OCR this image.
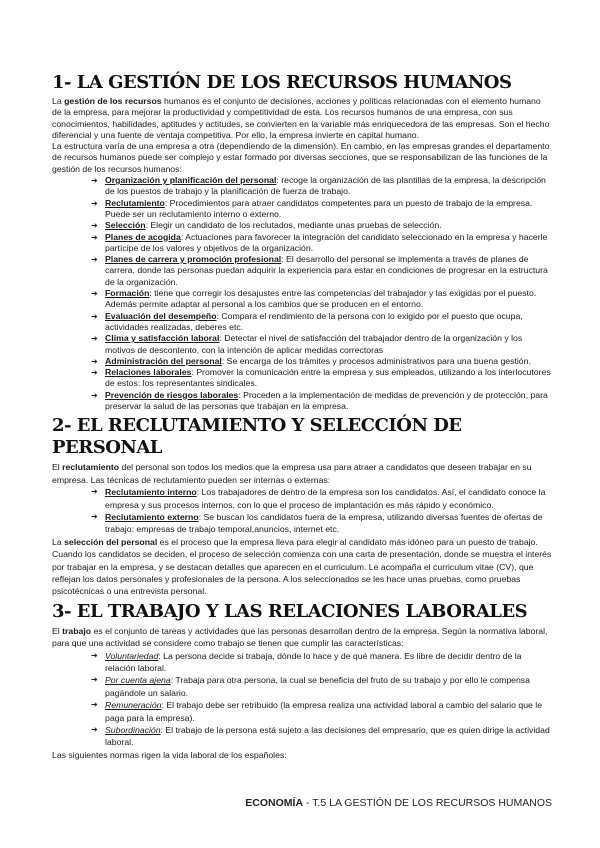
1- LA GESTIÓN DE LOS RECURSOS HUMANOS

La gestión de los recursos humanos es el conjunto de decisiones, acciones y políticas relacionadas con el elemento humano de la empresa, para mejorar la productividad y competitividad de esta. Los recursos humanos de una empresa, con sus conocimientos, habilidades, aptitudes y actitudes, se convierten en la variable más enriquecedora de las empresas. Son el hecho diferencial y una fuente de ventaja competitiva. Por ello, la empresa invierte en capital humano.

La estructura varía de una empresa a otra (dependiendo de la dimensión). En cambio, en las empresas grandes el departamento de recursos humanos puede ser complejo y estar formado por diversas secciones, que se responsabilizan de las funciones de la gestión de los recursos humanos:

➔ Organización y planificación del personal: recoge la organización de las plantillas de la empresa, la descripción de los puestos de trabajo y la planificación de fuerza de trabajo.
➔ Reclutamiento: Procedimientos para atraer candidatos competentes para un puesto de trabajo de la empresa. Puede ser un reclutamiento interno o externo.
➔ Selección: Elegir un candidato de los reclutados, mediante unas pruebas de selección.
➔ Planes de acogida: Actuaciones para favorecer la integración del candidato seleccionado en la empresa y hacerle partícipe de los valores y objetivos de la organización.
➔ Planes de carrera y promoción profesional: El desarrollo del personal se implementa a través de planes de carrera, donde las personas puedan adquirir la experiencia para estar en condiciones de progresar en la estructura de la organización.
➔ Formación: tiene que corregir los desajustes entre las competencias del trabajador y las exigidas por el puesto. Además permite adaptar al personal a los cambios que se producen en el entorno.
➔ Evaluación del desempeño: Compara el rendimiento de la persona con lo exigido por el puesto que ocupa, actividades realizadas, deberes etc.
➔ Clima y satisfacción laboral: Detectar el nivel de satisfacción del trabajador dentro de la organización y los motivos de descontento, con la intención de aplicar medidas correctoras
➔ Administración del personal: Se encarga de los trámites y procesos administrativos para una buena gestión.
➔ Relaciones laborales: Promover la comunicación entre la empresa y sus empleados, utilizando a los interlocutores de estos: los representantes sindicales.
➔ Prevención de riesgos laborales: Proceden a la implementación de medidas de prevención y de protección, para preservar la salud de las personas que trabajan en la empresa.
2- EL RECLUTAMIENTO Y SELECCIÓN DE PERSONAL

El reclutamiento del personal son todos los medios que la empresa usa para atraer a candidatos que deseen trabajar en su empresa. Las técnicas de reclutamiento pueden ser internas o externas:

➔ Reclutamiento interno: Los trabajadores de dentro de la empresa son los candidatos. Así, el candidato conoce la empresa y sus procesos internos, con lo que el proceso de implantación es más rápido y económico.
➔ Reclutamiento externo: Se buscan los candidatos fuera de la empresa, utilizando diversas fuentes de ofertas de trabajo: empresas de trabajo temporal,anuncios, internet etc.

La selección del personal es el proceso que la empresa lleva para elegir al candidato más idóneo para un puesto de trabajo. Cuando los candidatos se deciden, el proceso de selección comienza con una carta de presentación, donde se muestra el interés por trabajar en la empresa, y se destacan detalles que aparecen en el curriculum. Le acompaña el curriculum vitae (CV), que reflejan los datos personales y profesionales de la persona. A los seleccionados se les hace unas pruebas, como pruebas psicotécnicas o una entrevista personal.

3- EL TRABAJO Y LAS RELACIONES LABORALES

El trabajo es el conjunto de tareas y actividades que las personas desarrollan dentro de la empresa. Según la normativa laboral, para que una actividad se considere como trabajo se tienen que cumplir las características:

➔ Voluntariedad: La persona decide si trabaja, dónde lo hace y de qué manera. Es libre de decidir dentro de la relación laboral.
➔ Por cuenta ajena: Trabaja para otra persona, la cual se beneficia del fruto de su trabajo y por ello le compensa pagándole un salario.
➔ Remuneración: El trabajo debe ser retribuido (la empresa realiza una actividad laboral a cambio del salario que le paga para la empresa).
➔ Subordinación: El trabajo de la persona está sujeto a las decisiones del empresario, que es quien dirige la actividad laboral.

Las siguientes normas rigen la vida laboral de los españoles:

ECONOMÍA - T.5 LA GESTIÓN DE LOS RECURSOS HUMANOS
